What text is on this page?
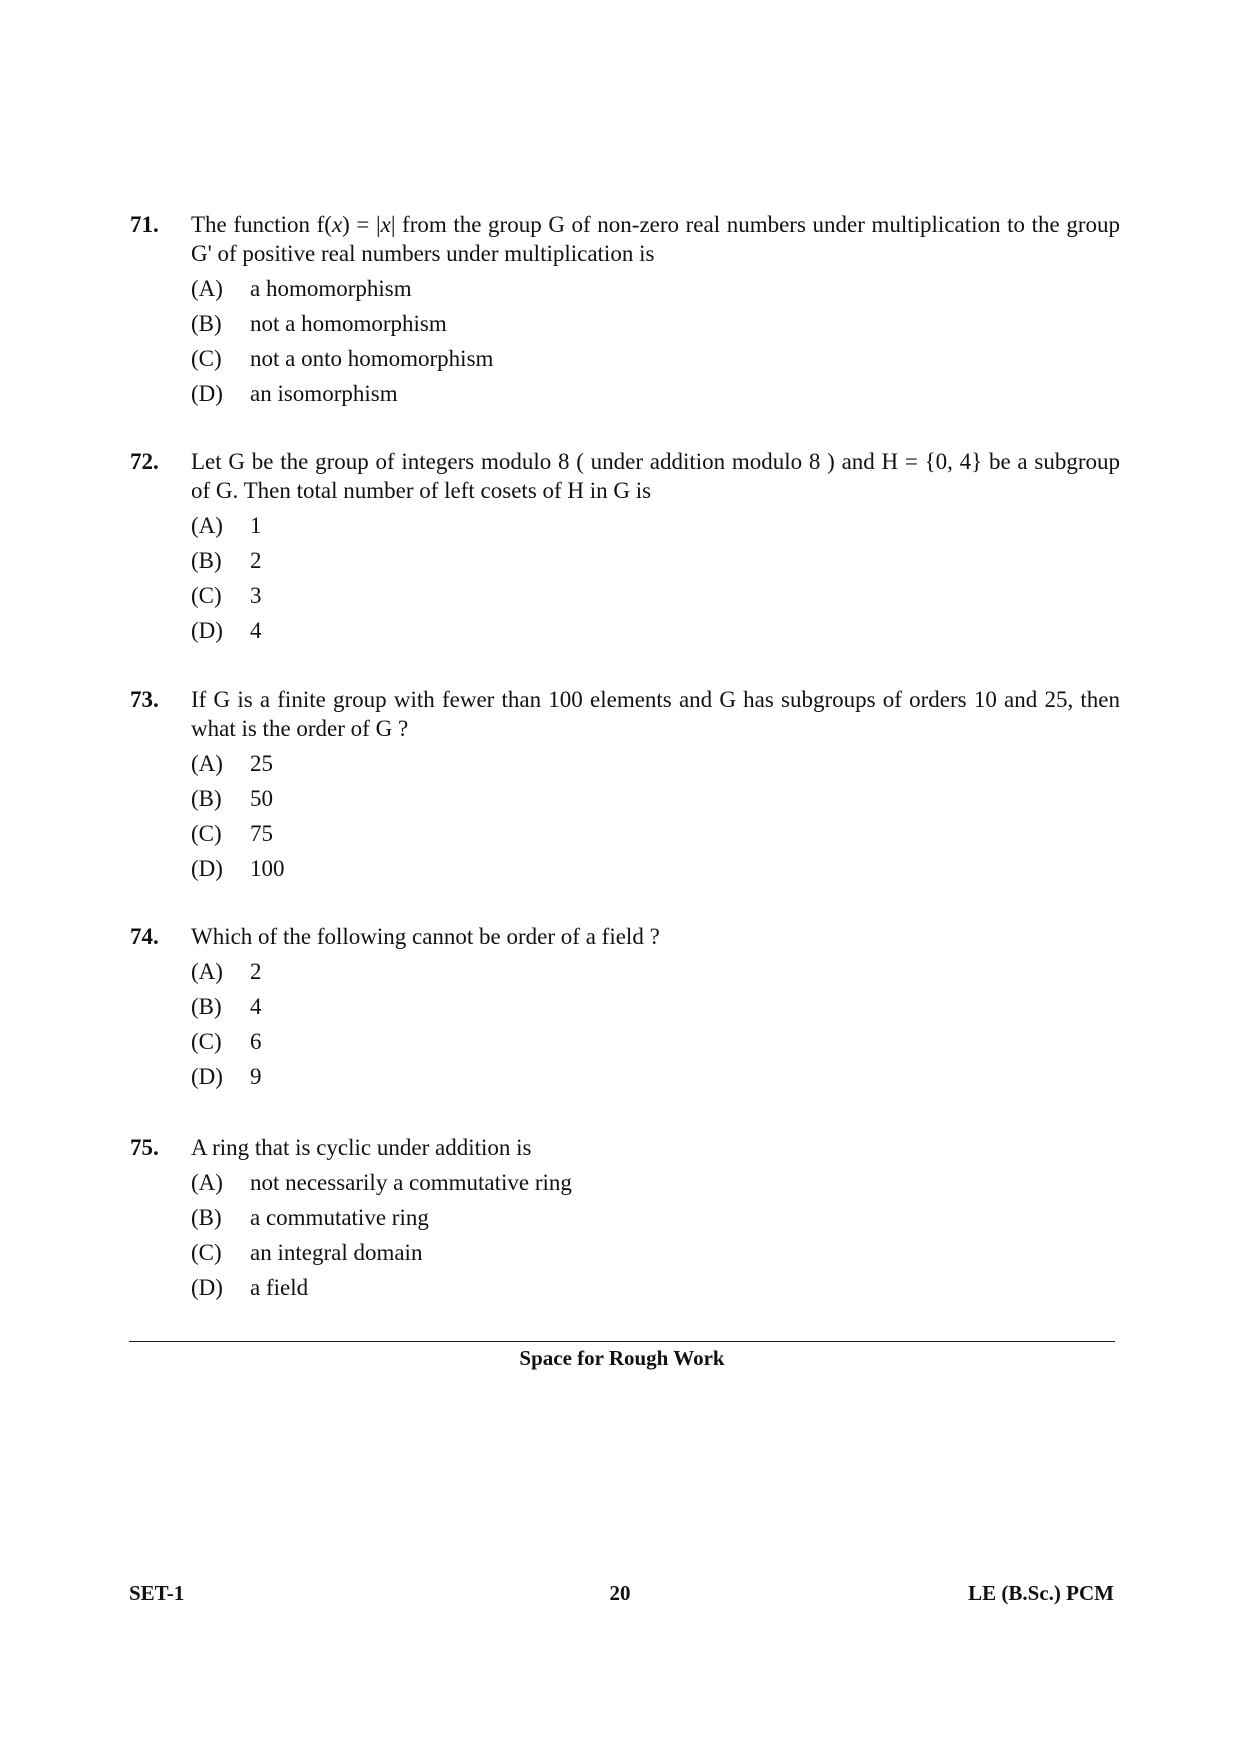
71. The function f(x) = |x| from the group G of non-zero real numbers under multiplication to the group G' of positive real numbers under multiplication is
(A) a homomorphism
(B) not a homomorphism
(C) not a onto homomorphism
(D) an isomorphism
72. Let G be the group of integers modulo 8 ( under addition modulo 8 ) and H = {0, 4} be a subgroup of G. Then total number of left cosets of H in G is
(A) 1
(B) 2
(C) 3
(D) 4
73. If G is a finite group with fewer than 100 elements and G has subgroups of orders 10 and 25, then what is the order of G ?
(A) 25
(B) 50
(C) 75
(D) 100
74. Which of the following cannot be order of a field ?
(A) 2
(B) 4
(C) 6
(D) 9
75. A ring that is cyclic under addition is
(A) not necessarily a commutative ring
(B) a commutative ring
(C) an integral domain
(D) a field
Space for Rough Work
SET-1	20	LE (B.Sc.) PCM
